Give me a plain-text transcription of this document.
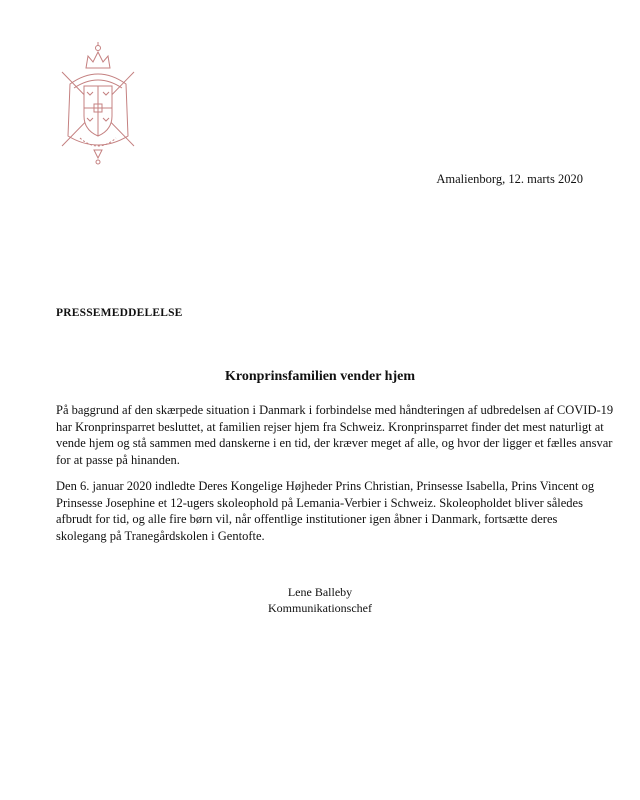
Amalienborg, 12. marts 2020
PRESSEMEDDELELSE
Kronprinsfamilien vender hjem

På baggrund af den skærpede situation i Danmark i forbindelse med håndteringen af udbredelsen af COVID-19
har Kronprinsparret besluttet, at familien rejser hjem fra Schweiz. Kronprinsparret finder det mest naturligt at
vende hjem og stå sammen med danskerne i en tid, der kræver meget af alle, og hvor der ligger et fælles ansvar
for at passe på hinanden.

Den 6. januar 2020 indledte Deres Kongelige Højheder Prins Christian, Prinsesse Isabella, Prins Vincent og
Prinsesse Josephine et 12-ugers skoleophold på Lemania-Verbier i Schweiz. Skoleopholdet bliver således
afbrudt for tid, og alle fire børn vil, når offentlige institutioner igen åbner i Danmark, fortsætte deres
skolegang på Tranegårdskolen i Gentofte.

Lene Balleby
Kommunikationschef
